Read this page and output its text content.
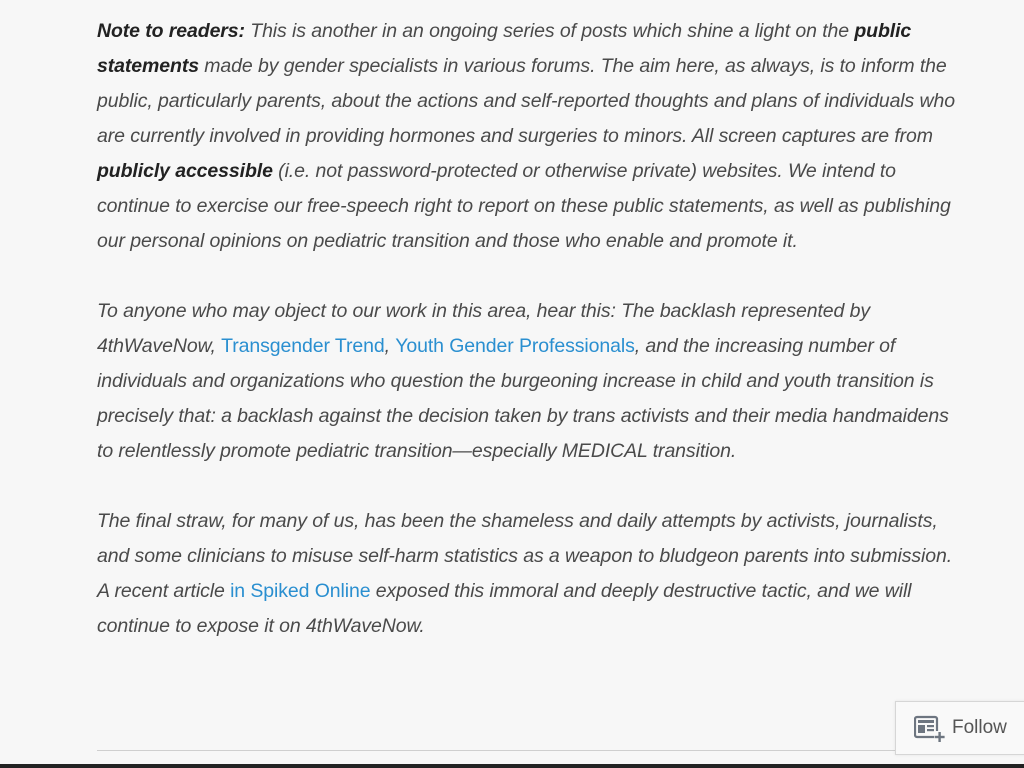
Note to readers: This is another in an ongoing series of posts which shine a light on the public statements made by gender specialists in various forums. The aim here, as always, is to inform the public, particularly parents, about the actions and self-reported thoughts and plans of individuals who are currently involved in providing hormones and surgeries to minors. All screen captures are from publicly accessible (i.e. not password-protected or otherwise private) websites. We intend to continue to exercise our free-speech right to report on these public statements, as well as publishing our personal opinions on pediatric transition and those who enable and promote it.

To anyone who may object to our work in this area, hear this: The backlash represented by 4thWaveNow, Transgender Trend, Youth Gender Professionals, and the increasing number of individuals and organizations who question the burgeoning increase in child and youth transition is precisely that: a backlash against the decision taken by trans activists and their media handmaidens to relentlessly promote pediatric transition—especially MEDICAL transition.

The final straw, for many of us, has been the shameless and daily attempts by activists, journalists, and some clinicians to misuse self-harm statistics as a weapon to bludgeon parents into submission. A recent article in Spiked Online exposed this immoral and deeply destructive tactic, and we will continue to expose it on 4thWaveNow.

Follow
